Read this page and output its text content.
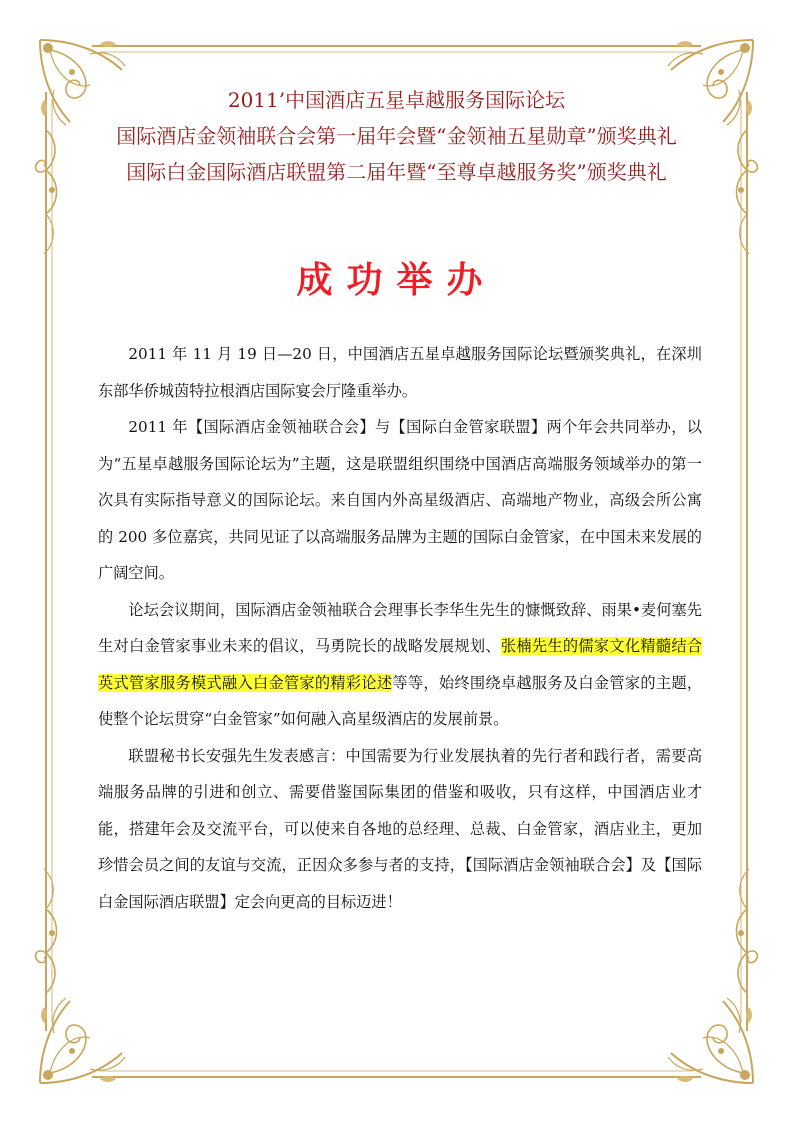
2011’中国酒店五星卓越服务国际论坛
国际酒店金领袖联合会第一届年会暨“金领袖五星勋章”颁奖典礼
国际白金国际酒店联盟第二届年暨“至尊卓越服务奖”颁奖典礼
成功举办

2011 年 11 月 19 日—20 日，中国酒店五星卓越服务国际论坛暨颁奖典礼，在深圳东部华侨城茵特拉根酒店国际宴会厅隆重举办。

2011 年【国际酒店金领袖联合会】与【国际白金管家联盟】两个年会共同举办，以为“五星卓越服务国际论坛为”主题，这是联盟组织围绕中国酒店高端服务领域举办的第一次具有实际指导意义的国际论坛。来自国内外高星级酒店、高端地产物业，高级会所公寓的 200 多位嘉宾，共同见证了以高端服务品牌为主题的国际白金管家，在中国未来发展的广阔空间。

论坛会议期间，国际酒店金领袖联合会理事长李华生先生的慷慨致辞、雨果•麦何塞先生对白金管家事业未来的倡议，马勇院长的战略发展规划、张楠先生的儒家文化精髓结合英式管家服务模式融入白金管家的精彩论述等等，始终围绕卓越服务及白金管家的主题，使整个论坛贯穿“白金管家”如何融入高星级酒店的发展前景。

联盟秘书长安强先生发表感言：中国需要为行业发展执着的先行者和践行者，需要高端服务品牌的引进和创立、需要借鉴国际集团的借鉴和吸收，只有这样，中国酒店业才能，搭建年会及交流平台，可以使来自各地的总经理、总裁、白金管家，酒店业主，更加珍惜会员之间的友谊与交流，正因众多参与者的支持，【国际酒店金领袖联合会】及【国际白金国际酒店联盟】定会向更高的目标迈进！
